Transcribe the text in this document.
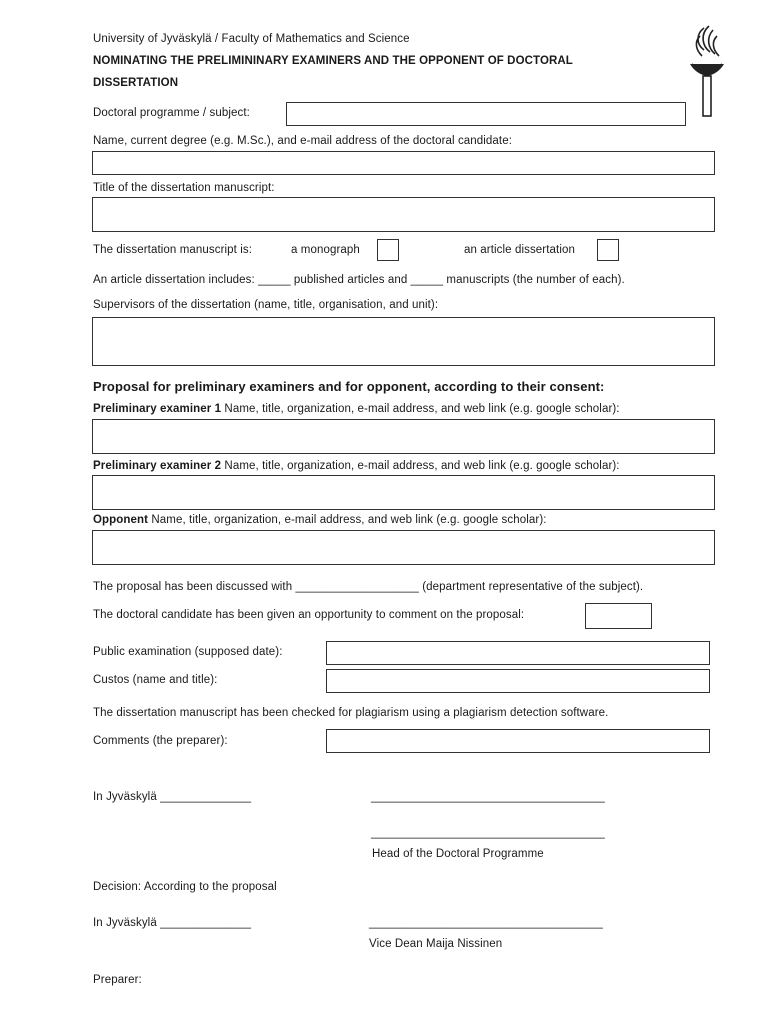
University of Jyväskylä / Faculty of Mathematics and Science
NOMINATING THE PRELIMININARY EXAMINERS AND THE OPPONENT OF DOCTORAL
DISSERTATION
Doctoral programme / subject:
Name, current degree (e.g. M.Sc.), and e-mail address of the doctoral candidate:
Title of the dissertation manuscript:
The dissertation manuscript is:	a monograph	an article dissertation
An article dissertation includes: _____ published articles and _____ manuscripts (the number of each).
Supervisors of the dissertation (name, title, organisation, and unit):
Proposal for preliminary examiners and for opponent, according to their consent:
Preliminary examiner 1 Name, title, organization, e-mail address, and web link (e.g. google scholar):
Preliminary examiner 2 Name, title, organization, e-mail address, and web link (e.g. google scholar):
Opponent Name, title, organization, e-mail address, and web link (e.g. google scholar):
The proposal has been discussed with ___________________ (department representative of the subject).
The doctoral candidate has been given an opportunity to comment on the proposal:
Public examination (supposed date):
Custos (name and title):
The dissertation manuscript has been checked for plagiarism using a plagiarism detection software.
Comments (the preparer):
In Jyväskylä ______________	____________________________________
____________________________________
Head of the Doctoral Programme
Decision: According to the proposal
In Jyväskylä ______________	____________________________________
Vice Dean Maija Nissinen
Preparer:
